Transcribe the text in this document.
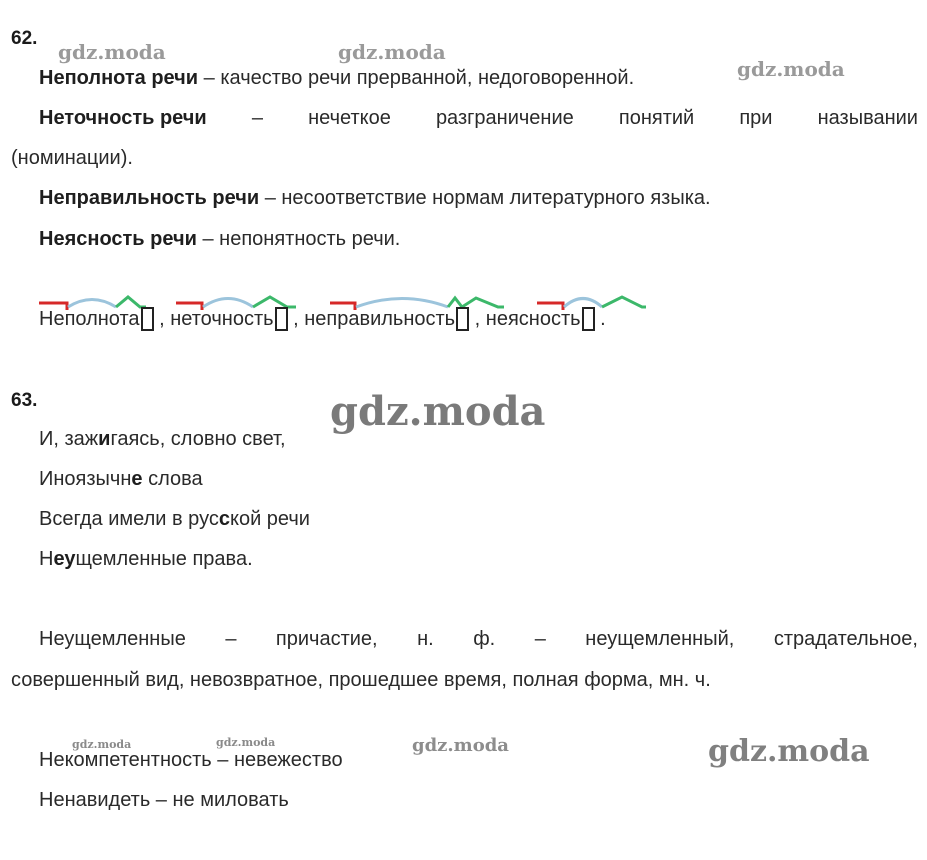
62.
Неполнота речи – качество речи прерванной, недоговоренной.
Неточность речи – нечеткое разграничение понятий при назывании
(номинации).
Неправильность речи – несоответствие нормам литературного языка.
Неясность речи – непонятность речи.
Неполнота , неточность , неправильность , неясность .
63.
И, зажигаясь, словно свет,
Иноязычне слова
Всегда имели в русской речи
Неущемленные права.
Неущемленные – причастие, н. ф. – неущемленный, страдательное,
совершенный вид, невозвратное, прошедшее время, полная форма, мн. ч.
Некомпетентность – невежество
Ненавидеть – не миловать
gdz.moda	gdz.moda
gdz.moda
gdz.moda
gdz.moda	gdz.moda	gdz.moda	gdz.moda
